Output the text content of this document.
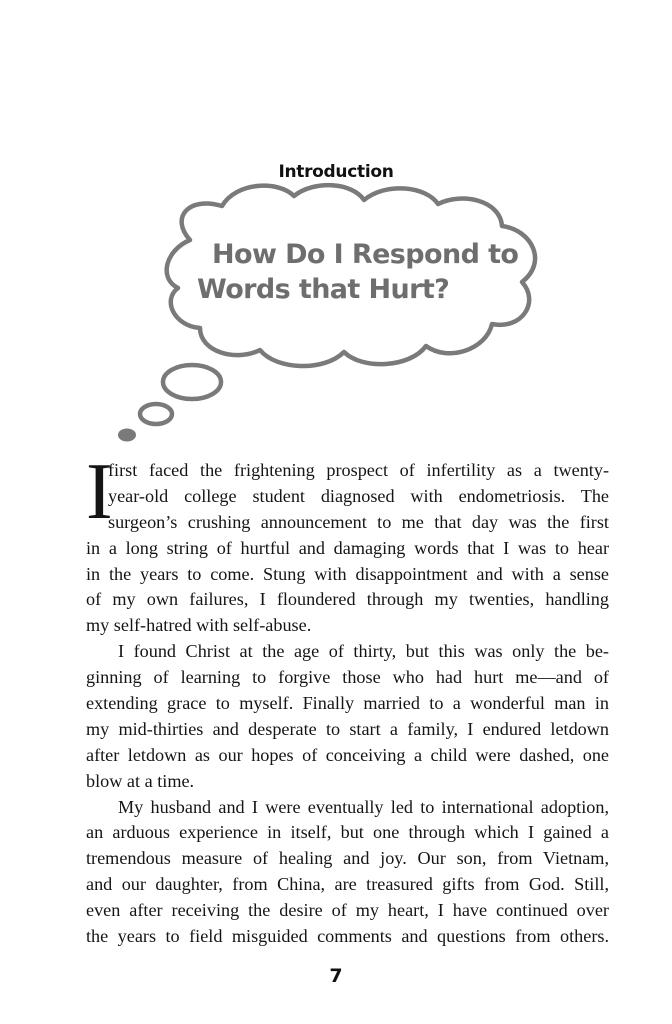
Introduction
How Do I Respond to
Words that Hurt?
I
first faced the frightening prospect of infertility as a twenty-
year-old college student diagnosed with endometriosis. The
surgeon’s crushing announcement to me that day was the first
in a long string of hurtful and damaging words that I was to hear
in the years to come. Stung with disappointment and with a sense
of my own failures, I floundered through my twenties, handling
my self-hatred with self-abuse.
I found Christ at the age of thirty, but this was only the be-
ginning of learning to forgive those who had hurt me—and of
extending grace to myself. Finally married to a wonderful man in
my mid-thirties and desperate to start a family, I endured letdown
after letdown as our hopes of conceiving a child were dashed, one
blow at a time.
My husband and I were eventually led to international adoption,
an arduous experience in itself, but one through which I gained a
tremendous measure of healing and joy. Our son, from Vietnam,
and our daughter, from China, are treasured gifts from God. Still,
even after receiving the desire of my heart, I have continued over
the years to field misguided comments and questions from others.
7
